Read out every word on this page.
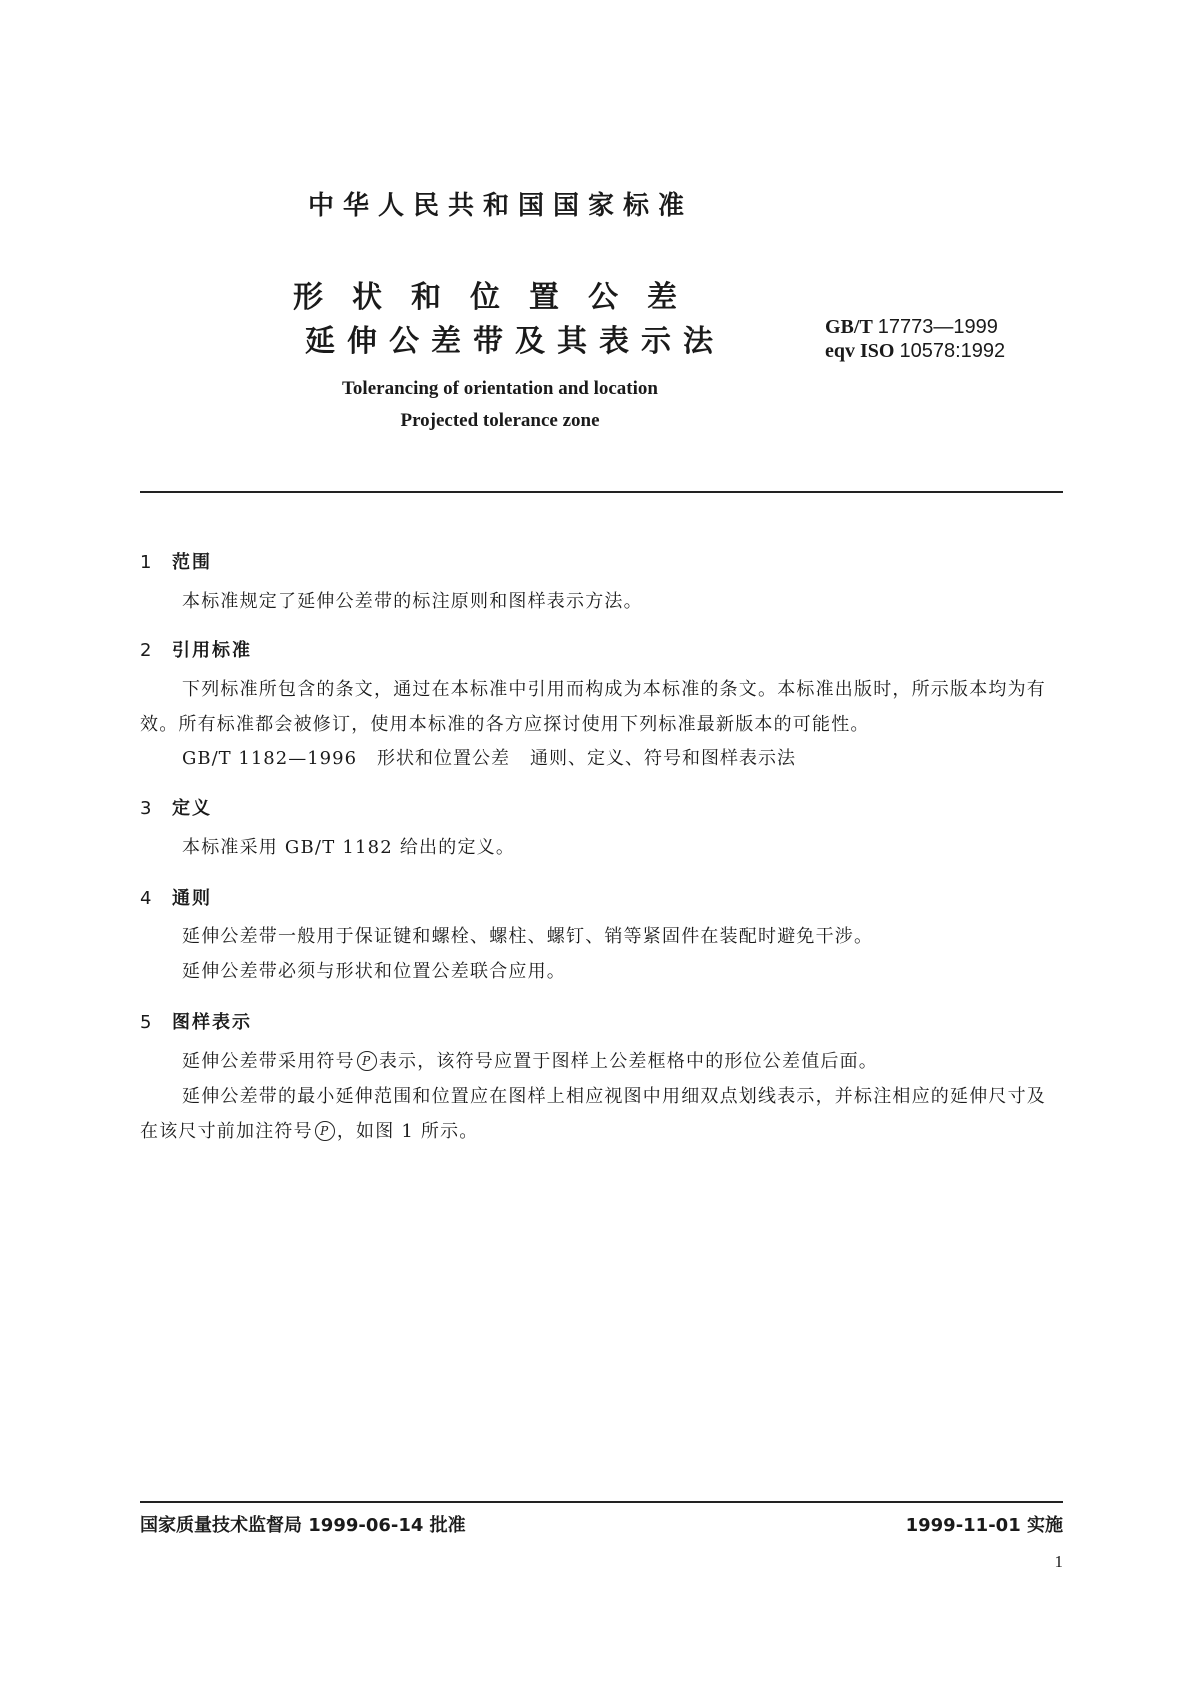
中华人民共和国国家标准
形状和位置公差
延伸公差带及其表示法	GB/T 17773—1999
eqv ISO 10578:1992
Tolerancing of orientation and location
Projected tolerance zone
1 范围

本标准规定了延伸公差带的标注原则和图样表示方法。

2 引用标准

下列标准所包含的条文，通过在本标准中引用而构成为本标准的条文。本标准出版时，所示版本均为有效。所有标准都会被修订，使用本标准的各方应探讨使用下列标准最新版本的可能性。

GB/T 1182—1996 形状和位置公差 通则、定义、符号和图样表示法
3 定义

本标准采用 GB/T 1182 给出的定义。

4 通则

延伸公差带一般用于保证键和螺栓、螺柱、螺钉、销等紧固件在装配时避免干涉。

延伸公差带必须与形状和位置公差联合应用。

5 图样表示

延伸公差带采用符号 P 表示，该符号应置于图样上公差框格中的形位公差值后面。

延伸公差带的最小延伸范围和位置应在图样上相应视图中用细双点划线表示，并标注相应的延伸尺寸及在该尺寸前加注符号 P ，如图 1 所示。

国家质量技术监督局 1999-06-14 批准	1999-11-01 实施
1
